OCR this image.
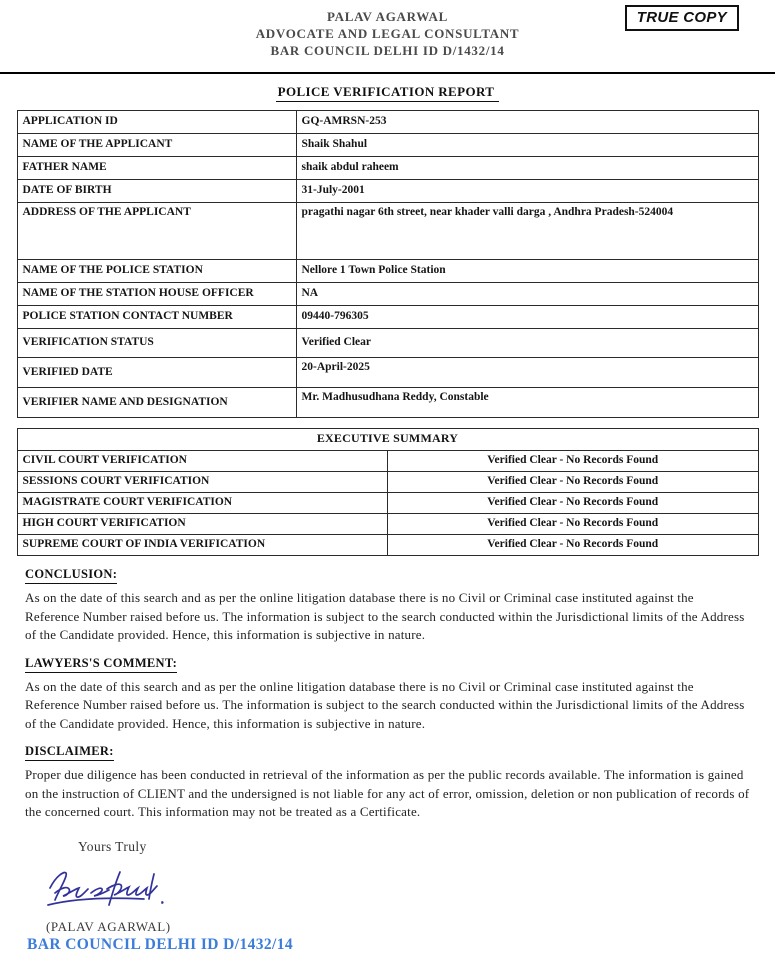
TRUE COPY
PALAV AGARWAL
ADVOCATE AND LEGAL CONSULTANT
BAR COUNCIL DELHI ID D/1432/14
POLICE VERIFICATION REPORT
APPLICATION ID	GQ-AMRSN-253
NAME OF THE APPLICANT	Shaik Shahul
FATHER NAME	shaik abdul raheem
DATE OF BIRTH	31-July-2001
ADDRESS OF THE APPLICANT	pragathi nagar 6th street, near khader valli darga , Andhra Pradesh-524004
NAME OF THE POLICE STATION	Nellore 1 Town Police Station
NAME OF THE STATION HOUSE OFFICER	NA
POLICE STATION CONTACT NUMBER	09440-796305
VERIFICATION STATUS	Verified Clear
VERIFIED DATE	20-April-2025
VERIFIER NAME AND DESIGNATION	Mr. Madhusudhana Reddy, Constable
EXECUTIVE SUMMARY	
CIVIL COURT VERIFICATION	Verified Clear - No Records Found
SESSIONS COURT VERIFICATION	Verified Clear - No Records Found
MAGISTRATE COURT VERIFICATION	Verified Clear - No Records Found
HIGH COURT VERIFICATION	Verified Clear - No Records Found
SUPREME COURT OF INDIA VERIFICATION	Verified Clear - No Records Found
CONCLUSION:

As on the date of this search and as per the online litigation database there is no Civil or Criminal case instituted against the Reference Number raised before us. The information is subject to the search conducted within the Jurisdictional limits of the Address of the Candidate provided. Hence, this information is subjective in nature.

LAWYERS'S COMMENT:

As on the date of this search and as per the online litigation database there is no Civil or Criminal case instituted against the Reference Number raised before us. The information is subject to the search conducted within the Jurisdictional limits of the Address of the Candidate provided. Hence, this information is subjective in nature.

DISCLAIMER:

Proper due diligence has been conducted in retrieval of the information as per the public records available. The information is gained on the instruction of CLIENT and the undersigned is not liable for any act of error, omission, deletion or non publication of records of the concerned court. This information may not be treated as a Certificate.

Yours Truly
(PALAV AGARWAL)
BAR COUNCIL DELHI ID D/1432/14
